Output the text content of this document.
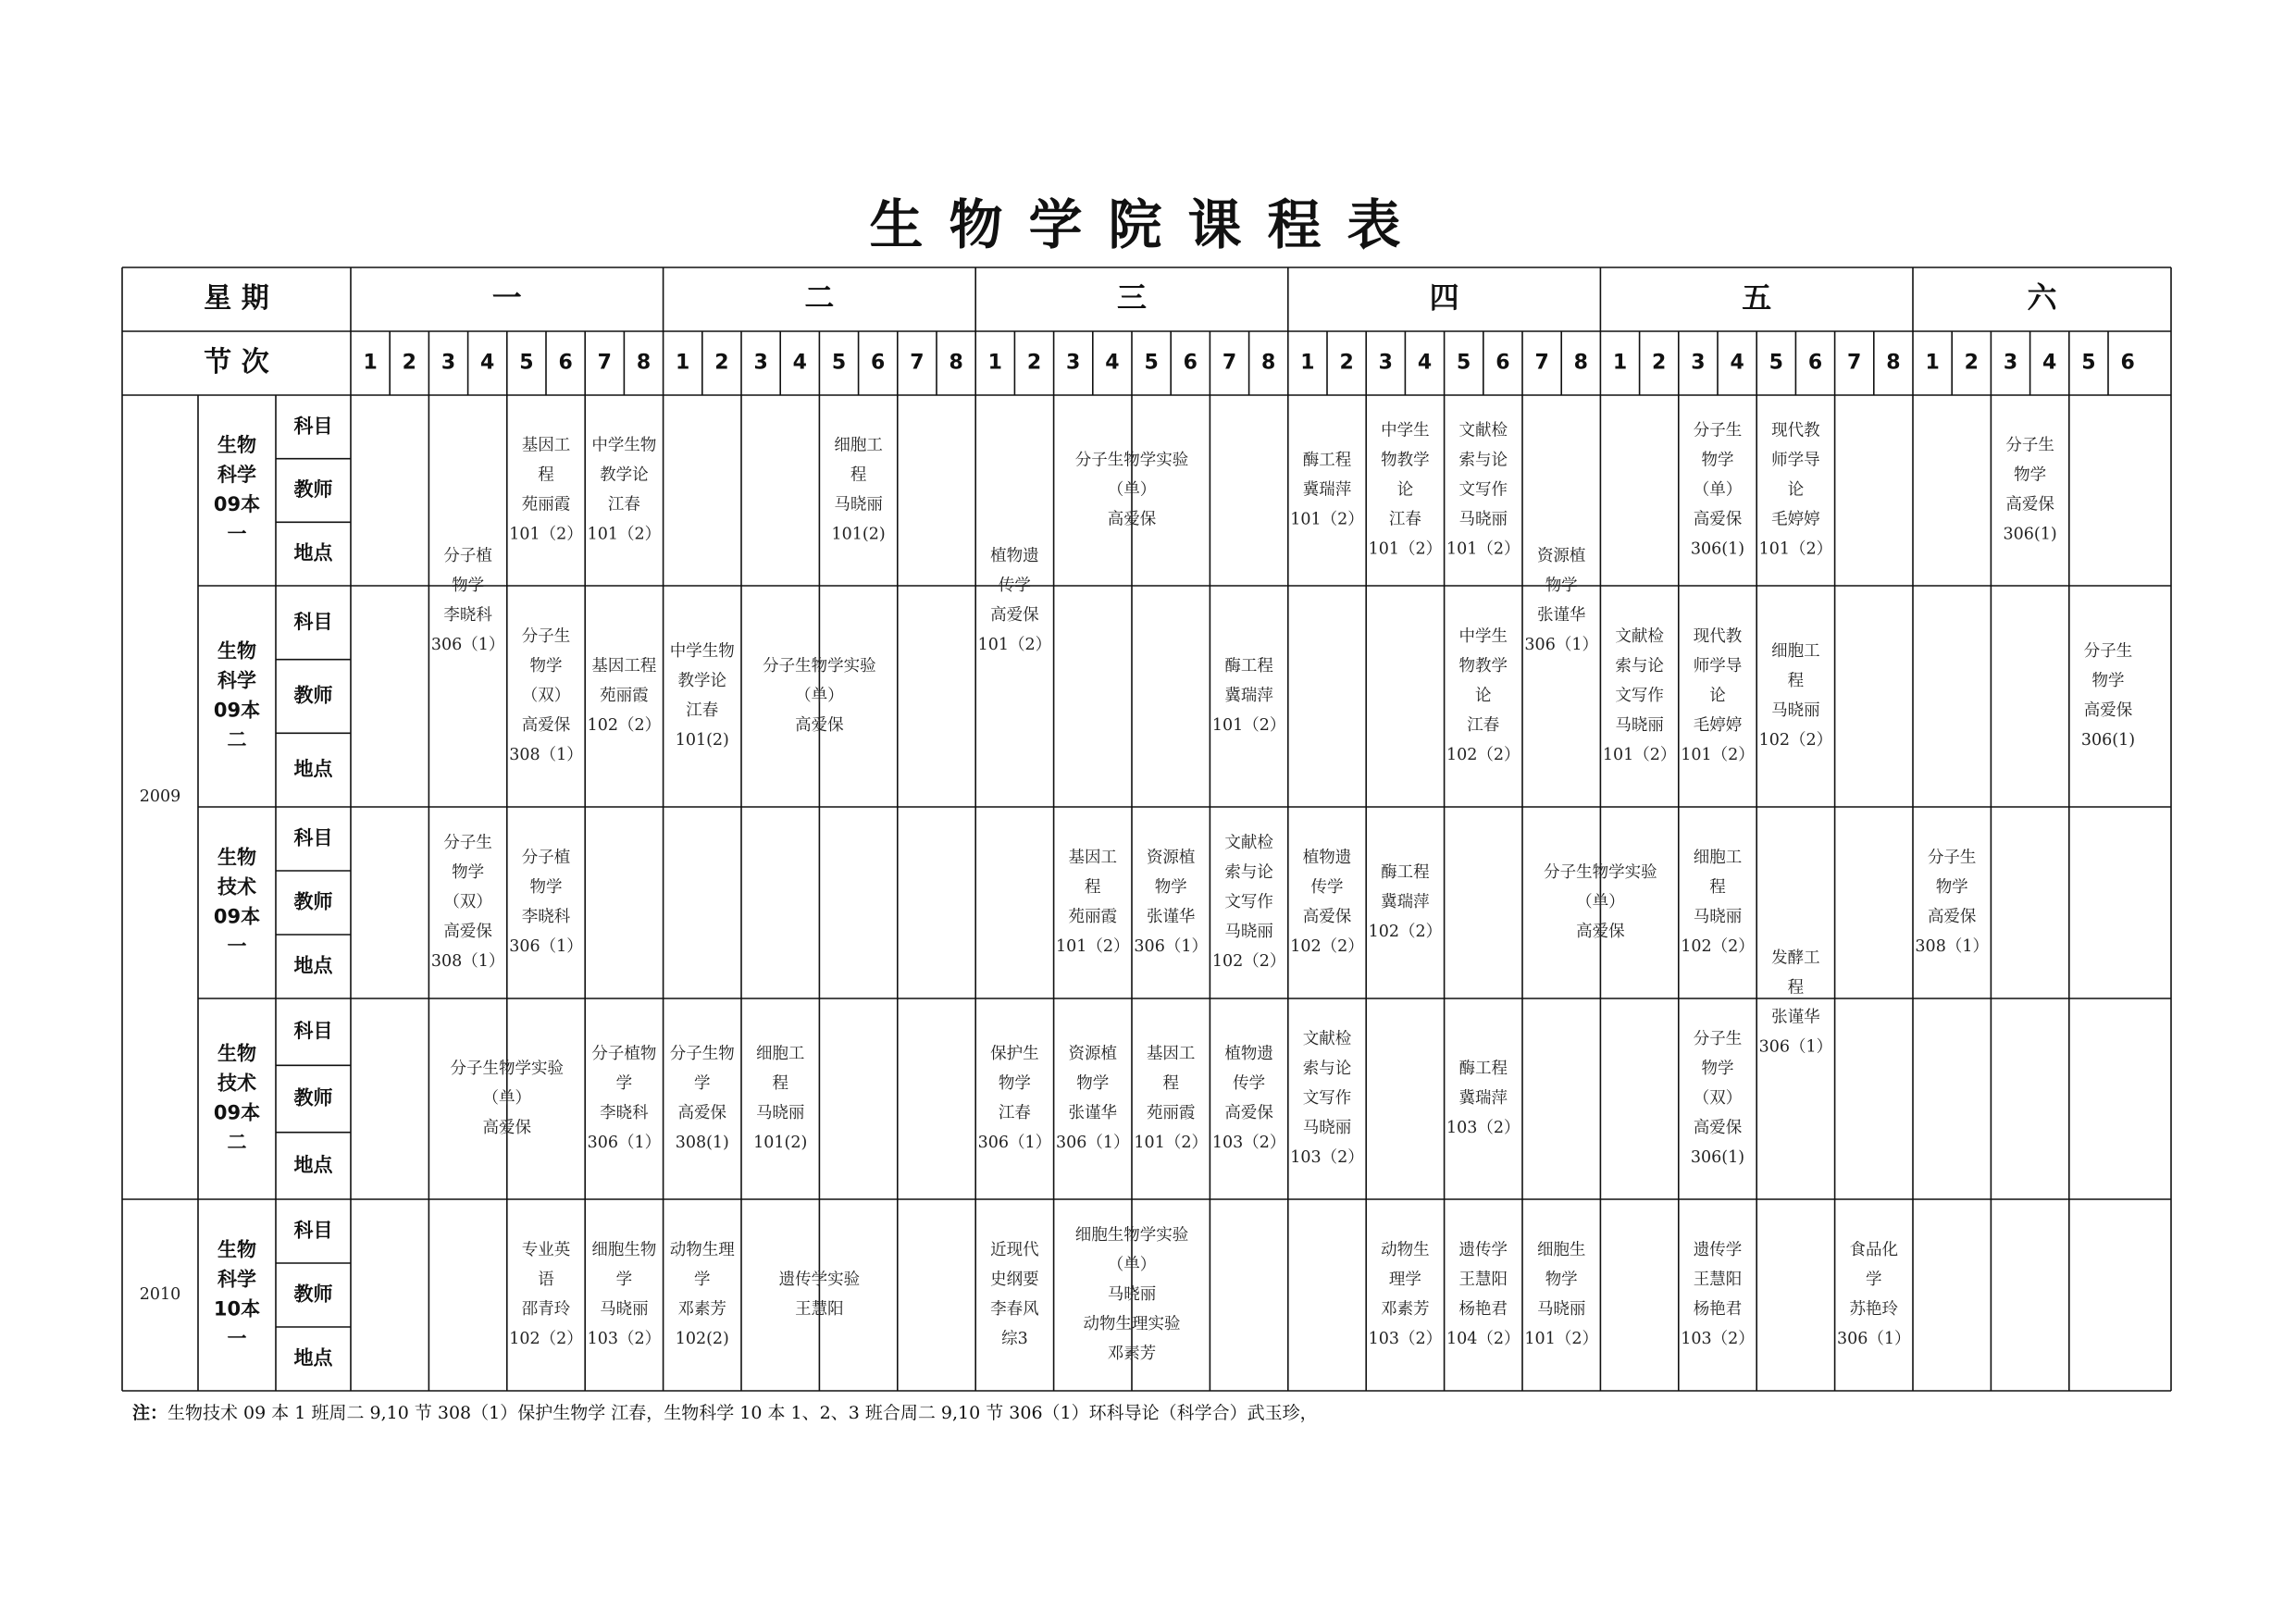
生物学院课程表
星 期
节 次
一
1 2 3 4 5 6 7 8
二
1 2 3 4 5 6 7 8
三
1 2 3 4 5 6 7 8
四
1 2 3 4 5 6 7 8
五
1 2 3 4 5 6 7 8
六
1 2 3 4 5 6
生物科学 09本一
科目
教师
地点
生物科学 09本二
科目
教师
地点
生物技术 09本一
科目
教师
地点
生物技术 09本二
科目
教师
地点
生物科学 10本一
科目
教师
地点
2009
2010
分子植物学李晓科 306（1）
基因工程苑丽霞 101（2）
中学生物教学论江春 101（2）
细胞工程马晓丽 101(2)
植物遗传学高爱保 101（2）
分子生物学实验（单）高爱保
酶工程冀瑞萍 101（2）
中学生物教学论江春 101（2）
文献检索与论文写作马晓丽 101（2）	资源植物学张谨华 306（1）
分子生物学（单）高爱保 306(1)
现代教师学导论毛婷婷 101（2）
分子生物学高爱保 306(1)
分子生物学（双）高爱保 308（1）
基因工程苑丽霞 102（2）
中学生物教学论江春 101(2)
分子生物学实验（单）高爱保
酶工程冀瑞萍 101（2）
中学生物教学论江春 102（2）
文献检索与论文写作马晓丽 101（2）
现代教师学导论毛婷婷 101（2）
细胞工程马晓丽 102（2）
分子生物学高爱保 306(1)
分子生物学（双）高爱保 308（1）
分子植物学李晓科 306（1）
基因工程苑丽霞 101（2）
资源植物学张谨华 306（1）
文献检索与论文写作马晓丽 102（2）
植物遗传学高爱保 102（2）
酶工程冀瑞萍 102（2）
分子生物学实验（单）高爱保
细胞工程马晓丽 102（2）
发酵工程张谨华 306（1）
分子生物学高爱保 308（1）
分子生物学实验（单）高爱保
分子植物学李晓科 306（1）
分子生物学高爱保 308(1)
细胞工程马晓丽 101(2)
保护生物学江春 306（1）
资源植物学张谨华 306（1）
基因工程苑丽霞 101（2）
植物遗传学高爱保 103（2）
文献检索与论文写作马晓丽 103（2）
酶工程冀瑞萍 103（2）
分子生物学（双）高爱保 306(1)
专业英语邵青玲 102（2）
细胞生物学马晓丽 103（2）
动物生理学邓素芳 102(2)
遗传学实验王慧阳
近现代史纲要李春风综3
细胞生物学实验（单）马晓丽动物生理实验邓素芳
动物生理学邓素芳 103（2）
遗传学王慧阳杨艳君 104（2）
细胞生物学马晓丽 101（2）
遗传学王慧阳杨艳君 103（2）
食品化学苏艳玲 306（1）
注：生物技术 09 本 1 班周二 9,10 节 308（1）保护生物学 江春，生物科学 10 本 1、2、3 班合周二 9,10 节 306（1）环科导论（科学合）武玉珍，
